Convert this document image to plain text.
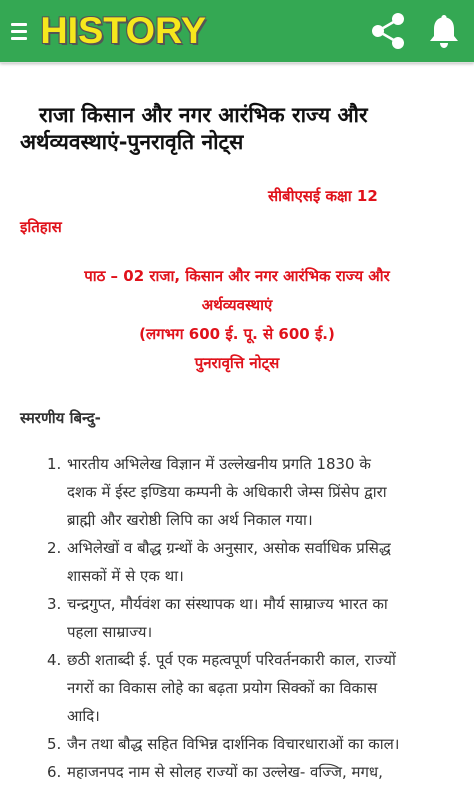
HISTORY
राजा किसान और नगर आरंभिक राज्य और
अर्थव्यवस्थाएं-पुनरावृति नोट्स
सीबीएसई कक्षा 12
इतिहास
पाठ – 02 राजा, किसान और नगर आरंभिक राज्य और
अर्थव्यवस्थाएं
(लगभग 600 ई. पू. से 600 ई.)
पुनरावृत्ति नोट्स
स्मरणीय बिन्दु-
1. भारतीय अभिलेख विज्ञान में उल्लेखनीय प्रगति 1830 के
दशक में ईस्ट इण्डिया कम्पनी के अधिकारी जेम्स प्रिंसेप द्वारा
ब्राह्मी और खरोष्ठी लिपि का अर्थ निकाल गया।
2. अभिलेखों व बौद्ध ग्रन्थों के अनुसार, असोक सर्वाधिक प्रसिद्ध
शासकों में से एक था।
3. चन्द्रगुप्त, मौर्यवंश का संस्थापक था। मौर्य साम्राज्य भारत का
पहला साम्राज्य।
4. छठी शताब्दी ई. पूर्व एक महत्वपूर्ण परिवर्तनकारी काल, राज्यों
नगरों का विकास लोहे का बढ़ता प्रयोग सिक्कों का विकास
आदि।
5. जैन तथा बौद्ध सहित विभिन्न दार्शनिक विचारधाराओं का काल।
6. महाजनपद नाम से सोलह राज्यों का उल्लेख- वज्जि, मगध,
